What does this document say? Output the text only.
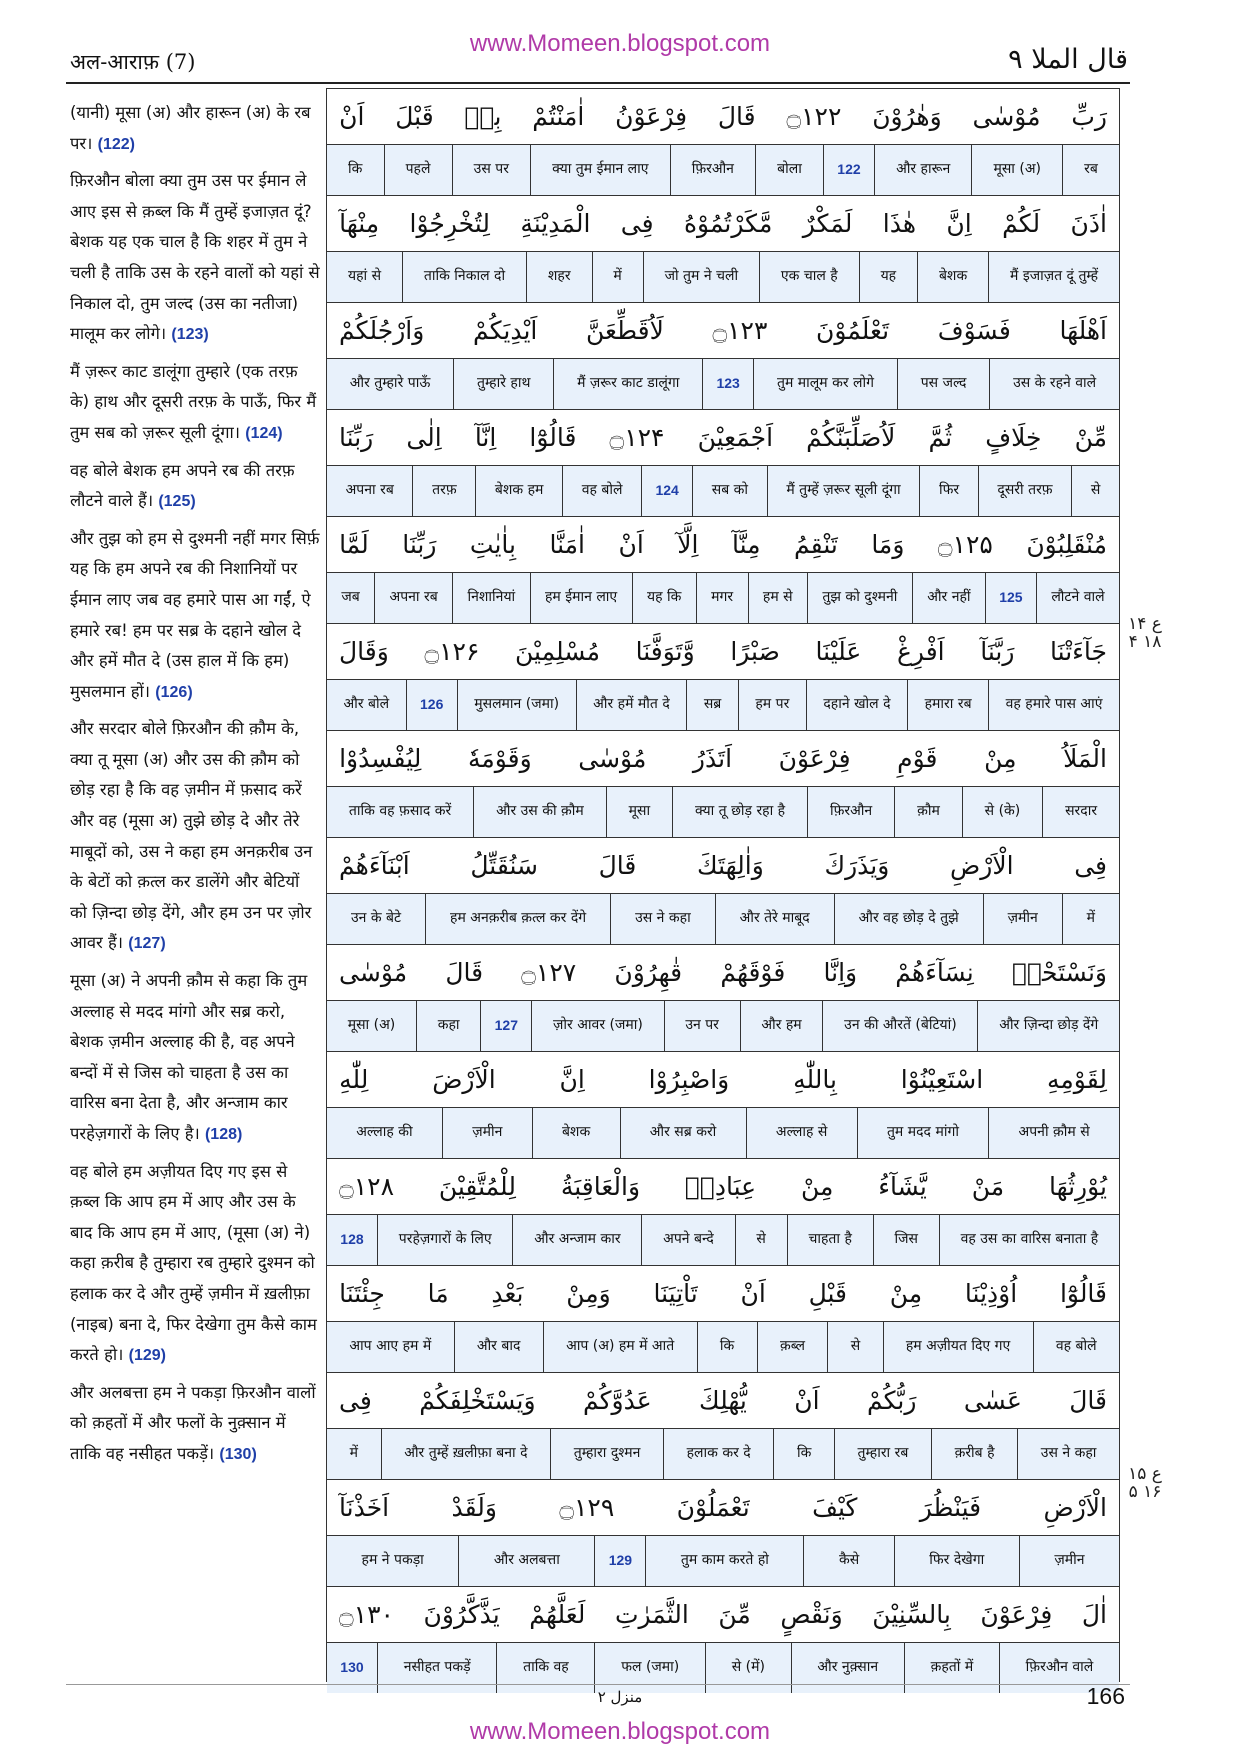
www.Momeen.blogspot.com
अल-आराफ़ (7)	قال الملا ۹

(यानी) मूसा (अ) और हारून (अ) के रब पर। (122)

फ़िरऔन बोला क्या तुम उस पर ईमान ले आए इस से क़ब्ल कि मैं तुम्हें इजाज़त दूं? बेशक यह एक चाल है कि शहर में तुम ने चली है ताकि उस के रहने वालों को यहां से निकाल दो, तुम जल्द (उस का नतीजा) मालूम कर लोगे। (123)

मैं ज़रूर काट डालूंगा तुम्हारे (एक तरफ़ के) हाथ और दूसरी तरफ़ के पाऊँ, फिर मैं तुम सब को ज़रूर सूली दूंगा। (124)

वह बोले बेशक हम अपने रब की तरफ़ लौटने वाले हैं। (125)

और तुझ को हम से दुश्मनी नहीं मगर सिर्फ़ यह कि हम अपने रब की निशानियों पर ईमान लाए जब वह हमारे पास आ गईं, ऐ हमारे रब! हम पर सब्र के दहाने खोल दे और हमें मौत दे (उस हाल में कि हम) मुसलमान हों। (126)

और सरदार बोले फ़िरऔन की क़ौम के, क्या तू मूसा (अ) और उस की क़ौम को छोड़ रहा है कि वह ज़मीन में फ़साद करें और वह (मूसा अ) तुझे छोड़ दे और तेरे माबूदों को, उस ने कहा हम अनक़रीब उन के बेटों को क़त्ल कर डालेंगे और बेटियों को ज़िन्दा छोड़ देंगे, और हम उन पर ज़ोर आवर हैं। (127)

मूसा (अ) ने अपनी क़ौम से कहा कि तुम अल्लाह से मदद मांगो और सब्र करो, बेशक ज़मीन अल्लाह की है, वह अपने बन्दों में से जिस को चाहता है उस का वारिस बना देता है, और अन्जाम कार परहेज़गारों के लिए है। (128)

वह बोले हम अज़ीयत दिए गए इस से क़ब्ल कि आप हम में आए और उस के बाद कि आप हम में आए, (मूसा (अ) ने) कहा क़रीब है तुम्हारा रब तुम्हारे दुश्मन को हलाक कर दे और तुम्हें ज़मीन में ख़लीफ़ा (नाइब) बना दे, फिर देखेगा तुम कैसे काम करते हो। (129)

और अलबत्ता हम ने पकड़ा फ़िरऔन वालों को क़हतों में और फलों के नुक़्सान में ताकि वह नसीहत पकड़ें। (130)

رَبِّ
مُوْسٰى
وَهٰرُوْنَ
۝۱۲۲
قَالَ
فِرْعَوْنُ
اٰمَنْتُمْ
بِهٖ
قَبْلَ
اَنْ
रब
मूसा (अ)
और हारून
122
बोला
फ़िरऔन
क्या तुम ईमान लाए
उस पर
पहले
कि
اٰذَنَ
لَكُمْ
اِنَّ
هٰذَا
لَمَكْرٌ
مَّكَرْتُمُوْهُ
فِى
الْمَدِيْنَةِ
لِتُخْرِجُوْا
مِنْهَآ
मैं इजाज़त दूं तुम्हें
बेशक
यह
एक चाल है
जो तुम ने चली
में
शहर
ताकि निकाल दो
यहां से
اَهْلَهَا
فَسَوْفَ
تَعْلَمُوْنَ
۝۱۲۳
لَاُقَطِّعَنَّ
اَيْدِيَكُمْ
وَاَرْجُلَكُمْ
उस के रहने वाले
पस जल्द
तुम मालूम कर लोगे
123
मैं ज़रूर काट डालूंगा
तुम्हारे हाथ
और तुम्हारे पाऊँ
مِّنْ
خِلَافٍ
ثُمَّ
لَاُصَلِّبَنَّكُمْ
اَجْمَعِيْنَ
۝۱۲۴
قَالُوْٓا
اِنَّآ
اِلٰى
رَبِّنَا
से
दूसरी तरफ़
फिर
मैं तुम्हें ज़रूर सूली दूंगा
सब को
124
वह बोले
बेशक हम
तरफ़
अपना रब
مُنْقَلِبُوْنَ
۝۱۲۵
وَمَا
تَنْقِمُ
مِنَّآ
اِلَّآ
اَنْ
اٰمَنَّا
بِاٰيٰتِ
رَبِّنَا
لَمَّا
लौटने वाले
125
और नहीं
तुझ को दुश्मनी
हम से
मगर
यह कि
हम ईमान लाए
निशानियां
अपना रब
जब
جَآءَتْنَا
رَبَّنَآ
اَفْرِغْ
عَلَيْنَا
صَبْرًا
وَّتَوَفَّنَا
مُسْلِمِيْنَ
۝۱۲۶
وَقَالَ
वह हमारे पास आएं
हमारा रब
दहाने खोल दे
हम पर
सब्र
और हमें मौत दे
मुसलमान (जमा)
126
और बोले
الْمَلَاُ
مِنْ
قَوْمِ
فِرْعَوْنَ
اَتَذَرُ
مُوْسٰى
وَقَوْمَهٗ
لِيُفْسِدُوْا
सरदार
से (के)
क़ौम
फ़िरऔन
क्या तू छोड़ रहा है
मूसा
और उस की क़ौम
ताकि वह फ़साद करें
فِى
الْاَرْضِ
وَيَذَرَكَ
وَاٰلِهَتَكَ
قَالَ
سَنُقَتِّلُ
اَبْنَآءَهُمْ
में
ज़मीन
और वह छोड़ दे तुझे
और तेरे माबूद
उस ने कहा
हम अनक़रीब क़त्ल कर देंगे
उन के बेटे
وَنَسْتَحْيٖ
نِسَآءَهُمْ
وَاِنَّا
فَوْقَهُمْ
قٰهِرُوْنَ
۝۱۲۷
قَالَ
مُوْسٰى
और ज़िन्दा छोड़ देंगे
उन की औरतें (बेटियां)
और हम
उन पर
ज़ोर आवर (जमा)
127
कहा
मूसा (अ)
لِقَوْمِهِ
اسْتَعِيْنُوْا
بِاللّٰهِ
وَاصْبِرُوْا
اِنَّ
الْاَرْضَ
لِلّٰهِ
अपनी क़ौम से
तुम मदद मांगो
अल्लाह से
और सब्र करो
बेशक
ज़मीन
अल्लाह की
يُوْرِثُهَا
مَنْ
يَّشَآءُ
مِنْ
عِبَادِهٖ
وَالْعَاقِبَةُ
لِلْمُتَّقِيْنَ
۝۱۲۸
वह उस का वारिस बनाता है
जिस
चाहता है
से
अपने बन्दे
और अन्जाम कार
परहेज़गारों के लिए
128
قَالُوْٓا
اُوْذِيْنَا
مِنْ
قَبْلِ
اَنْ
تَاْتِيَنَا
وَمِنْ
بَعْدِ
مَا
جِئْتَنَا
वह बोले
हम अज़ीयत दिए गए
से
क़ब्ल
कि
आप (अ) हम में आते
और बाद
आप आए हम में
قَالَ
عَسٰى
رَبُّكُمْ
اَنْ
يُّهْلِكَ
عَدُوَّكُمْ
وَيَسْتَخْلِفَكُمْ
فِى
उस ने कहा
क़रीब है
तुम्हारा रब
कि
हलाक कर दे
तुम्हारा दुश्मन
और तुम्हें ख़लीफ़ा बना दे
में
الْاَرْضِ
فَيَنْظُرَ
كَيْفَ
تَعْمَلُوْنَ
۝۱۲۹
وَلَقَدْ
اَخَذْنَآ
ज़मीन
फिर देखेगा
कैसे
तुम काम करते हो
129
और अलबत्ता
हम ने पकड़ा
اٰلَ
فِرْعَوْنَ
بِالسِّنِيْنَ
وَنَقْصٍ
مِّنَ
الثَّمَرٰتِ
لَعَلَّهُمْ
يَذَّكَّرُوْنَ
۝۱۳۰
फ़िरऔन वाले
क़हतों में
और नुक़्सान
से (में)
फल (जमा)
ताकि वह
नसीहत पकड़ें
130
۱۴ ع ۱۸ ۴
۱۵ ع ۱۶ ۵
منزل ۲	166
www.Momeen.blogspot.com
